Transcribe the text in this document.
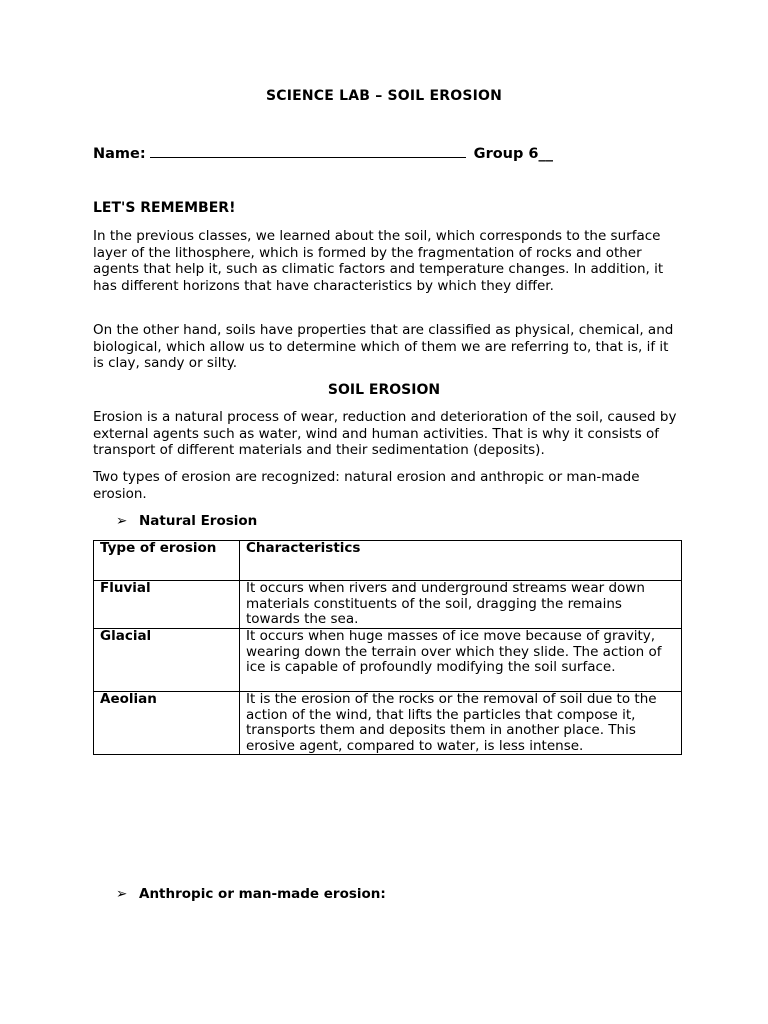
SCIENCE LAB – SOIL EROSION
Name:	Group 6__
LET'S REMEMBER!

In the previous classes, we learned about the soil, which corresponds to the surface layer of the lithosphere, which is formed by the fragmentation of rocks and other agents that help it, such as climatic factors and temperature changes. In addition, it has different horizons that have characteristics by which they differ.

On the other hand, soils have properties that are classified as physical, chemical, and biological, which allow us to determine which of them we are referring to, that is, if it is clay, sandy or silty.

SOIL EROSION

Erosion is a natural process of wear, reduction and deterioration of the soil, caused by external agents such as water, wind and human activities. That is why it consists of transport of different materials and their sedimentation (deposits).

Two types of erosion are recognized: natural erosion and anthropic or man-made erosion.

➢ Natural Erosion
Type of erosion	Characteristics
Fluvial	It occurs when rivers and underground streams wear down materials constituents of the soil, dragging the remains towards the sea.
Glacial	It occurs when huge masses of ice move because of gravity, wearing down the terrain over which they slide. The action of ice is capable of profoundly modifying the soil surface.
Aeolian	It is the erosion of the rocks or the removal of soil due to the action of the wind, that lifts the particles that compose it, transports them and deposits them in another place. This erosive agent, compared to water, is less intense.
➢ Anthropic or man-made erosion:
